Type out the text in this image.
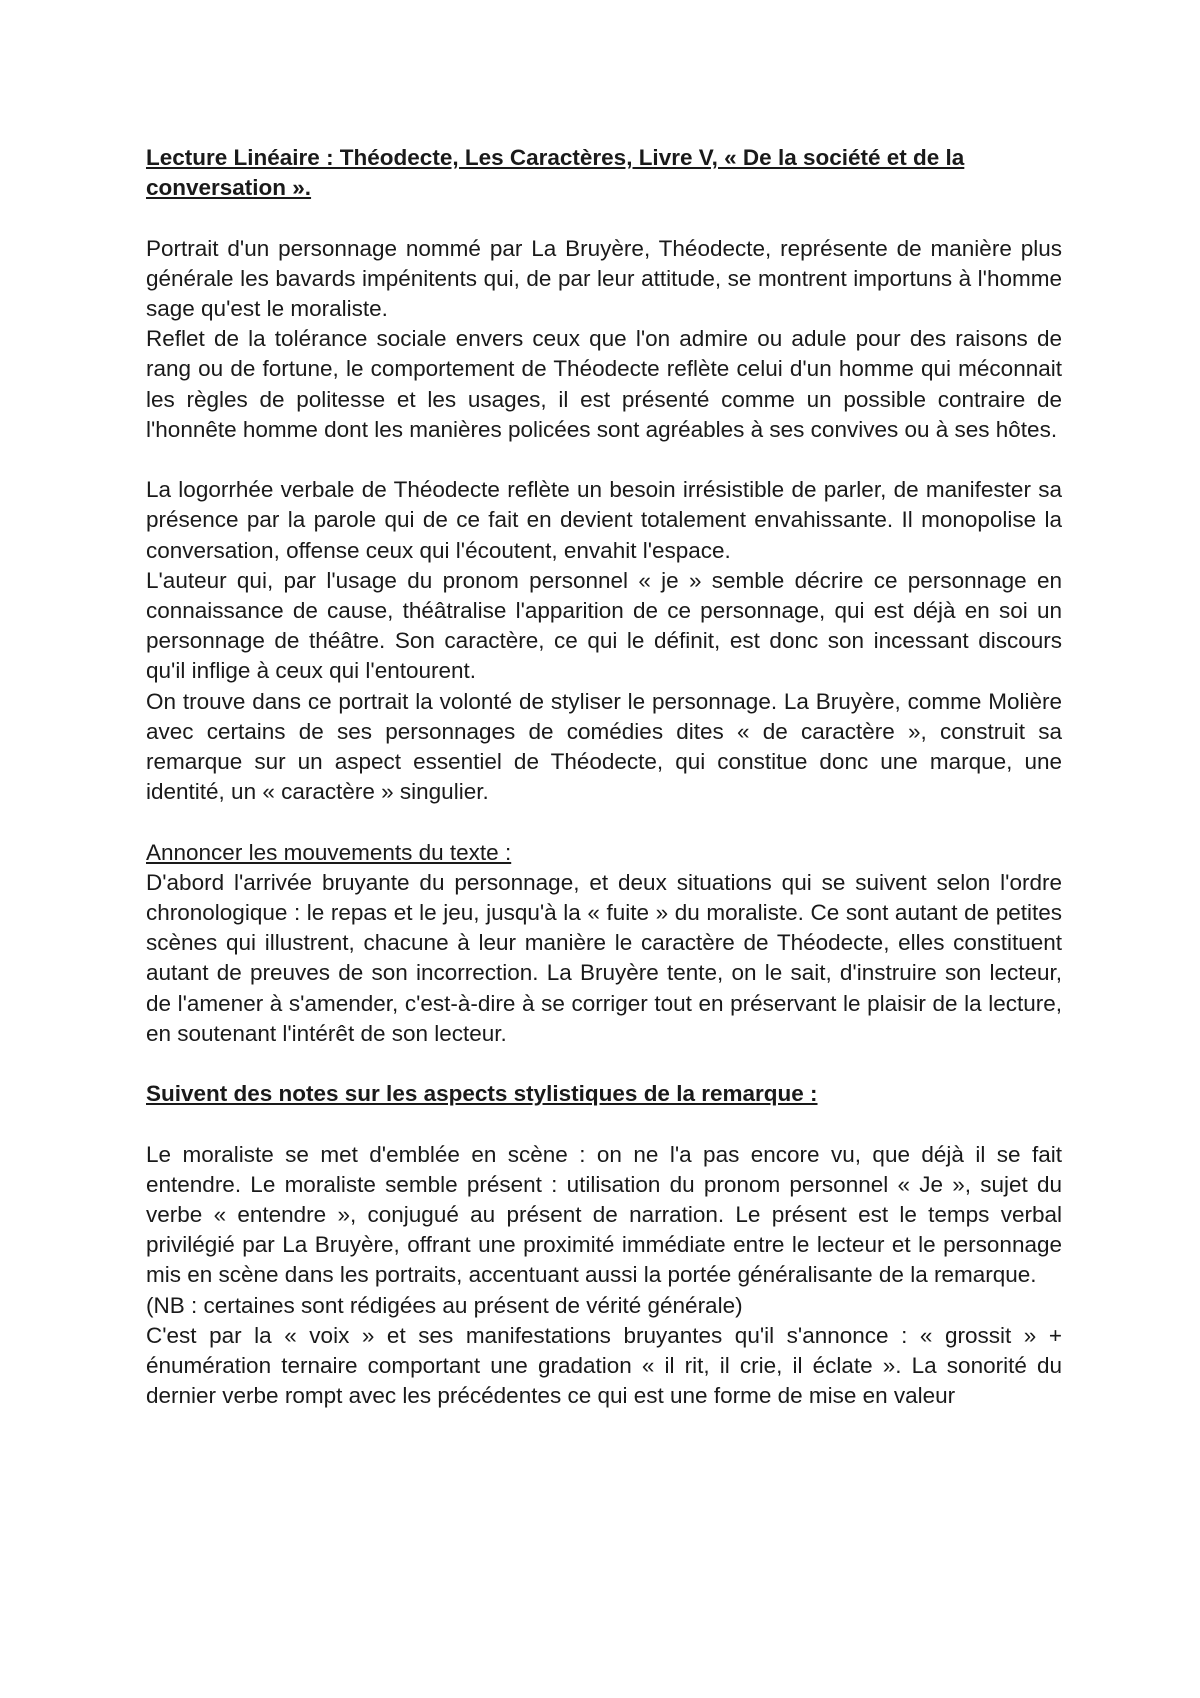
Lecture Linéaire : Théodecte, Les Caractères, Livre V, « De la société et de la conversation ».

Portrait d'un personnage nommé par La Bruyère, Théodecte, représente de manière plus générale les bavards impénitents qui, de par leur attitude, se montrent importuns à l'homme sage qu'est le moraliste.

Reflet de la tolérance sociale envers ceux que l'on admire ou adule pour des raisons de rang ou de fortune, le comportement de Théodecte reflète celui d'un homme qui méconnait les règles de politesse et les usages, il est présenté comme un possible contraire de l'honnête homme dont les manières policées sont agréables à ses convives ou à ses hôtes.

La logorrhée verbale de Théodecte reflète un besoin irrésistible de parler, de manifester sa présence par la parole qui de ce fait en devient totalement envahissante. Il monopolise la conversation, offense ceux qui l'écoutent, envahit l'espace.

L'auteur qui, par l'usage du pronom personnel « je » semble décrire ce personnage en connaissance de cause, théâtralise l'apparition de ce personnage, qui est déjà en soi un personnage de théâtre. Son caractère, ce qui le définit, est donc son incessant discours qu'il inflige à ceux qui l'entourent.

On trouve dans ce portrait la volonté de styliser le personnage. La Bruyère, comme Molière avec certains de ses personnages de comédies dites « de caractère », construit sa remarque sur un aspect essentiel de Théodecte, qui constitue donc une marque, une identité, un « caractère » singulier.

Annoncer les mouvements du texte :

D'abord l'arrivée bruyante du personnage, et deux situations qui se suivent selon l'ordre chronologique : le repas et le jeu, jusqu'à la « fuite » du moraliste. Ce sont autant de petites scènes qui illustrent, chacune à leur manière le caractère de Théodecte, elles constituent autant de preuves de son incorrection. La Bruyère tente, on le sait, d'instruire son lecteur, de l'amener à s'amender, c'est-à-dire à se corriger tout en préservant le plaisir de la lecture, en soutenant l'intérêt de son lecteur.

Suivent des notes sur les aspects stylistiques de la remarque :

Le moraliste se met d'emblée en scène : on ne l'a pas encore vu, que déjà il se fait entendre. Le moraliste semble présent : utilisation du pronom personnel « Je », sujet du verbe « entendre », conjugué au présent de narration. Le présent est le temps verbal privilégié par La Bruyère, offrant une proximité immédiate entre le lecteur et le personnage mis en scène dans les portraits, accentuant aussi la portée généralisante de la remarque.

(NB : certaines sont rédigées au présent de vérité générale)

C'est par la « voix » et ses manifestations bruyantes qu'il s'annonce : « grossit » + énumération ternaire comportant une gradation « il rit, il crie, il éclate ». La sonorité du dernier verbe rompt avec les précédentes ce qui est une forme de mise en valeur
